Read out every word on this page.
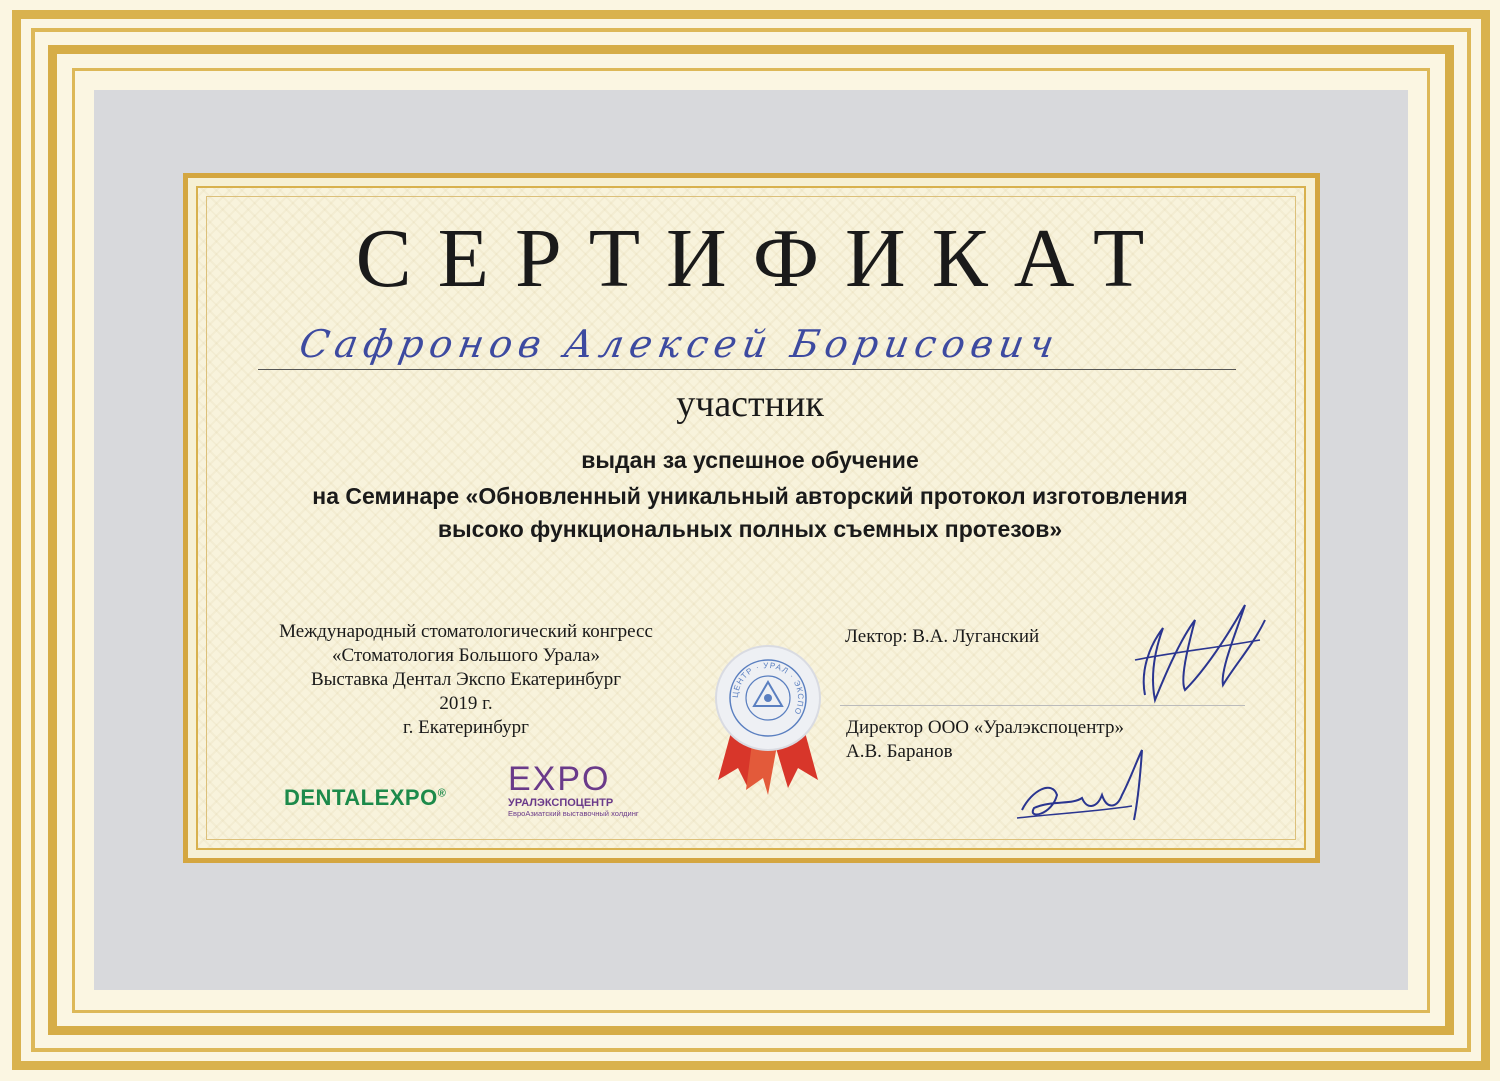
СЕРТИФИКАТ
Сафронов Алексей Борисович
участник
выдан за успешное обучение
на Семинаре «Обновленный уникальный авторский протокол изготовления
высоко функциональных полных съемных протезов»
Международный стоматологический конгресс
«Стоматология Большого Урала»
Выставка Дентал Экспо Екатеринбург
2019 г.
г. Екатеринбург
Лектор: В.А. Луганский
Директор ООО «Уралэкспоцентр»
А.В. Баранов
ЦЕНТР · УРАЛ · ЭКСПО
DENTALEXPO® EXPO
УРАЛЭКСПОЦЕНТР
ЕвроАзиатский выставочный холдинг
